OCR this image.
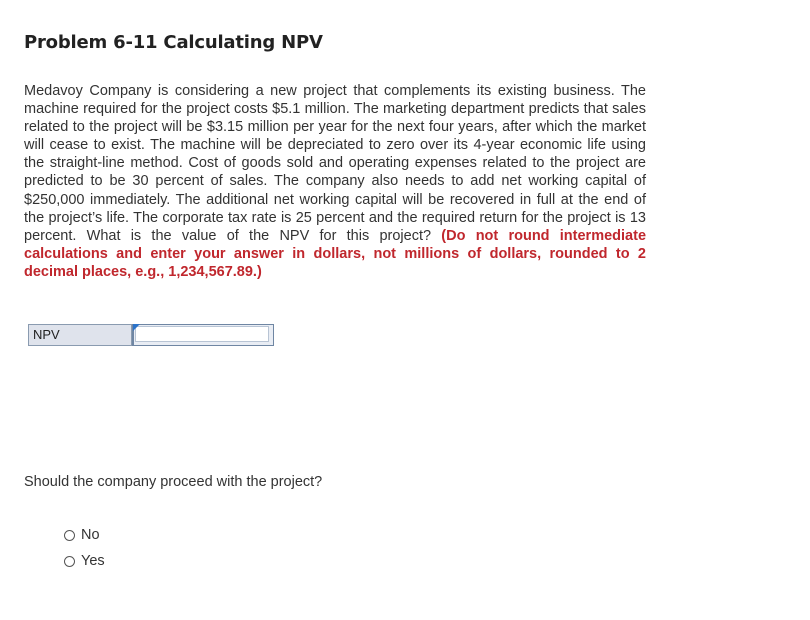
Problem 6-11 Calculating NPV

Medavoy Company is considering a new project that complements its existing business. The machine required for the project costs $5.1 million. The marketing department predicts that sales related to the project will be $3.15 million per year for the next four years, after which the market will cease to exist. The machine will be depreciated to zero over its 4-year economic life using the straight-line method. Cost of goods sold and operating expenses related to the project are predicted to be 30 percent of sales. The company also needs to add net working capital of $250,000 immediately. The additional net working capital will be recovered in full at the end of the project’s life. The corporate tax rate is 25 percent and the required return for the project is 13 percent. What is the value of the NPV for this project? (Do not round intermediate calculations and enter your answer in dollars, not millions of dollars, rounded to 2 decimal places, e.g., 1,234,567.89.)

NPV

Should the company proceed with the project?

No
Yes
